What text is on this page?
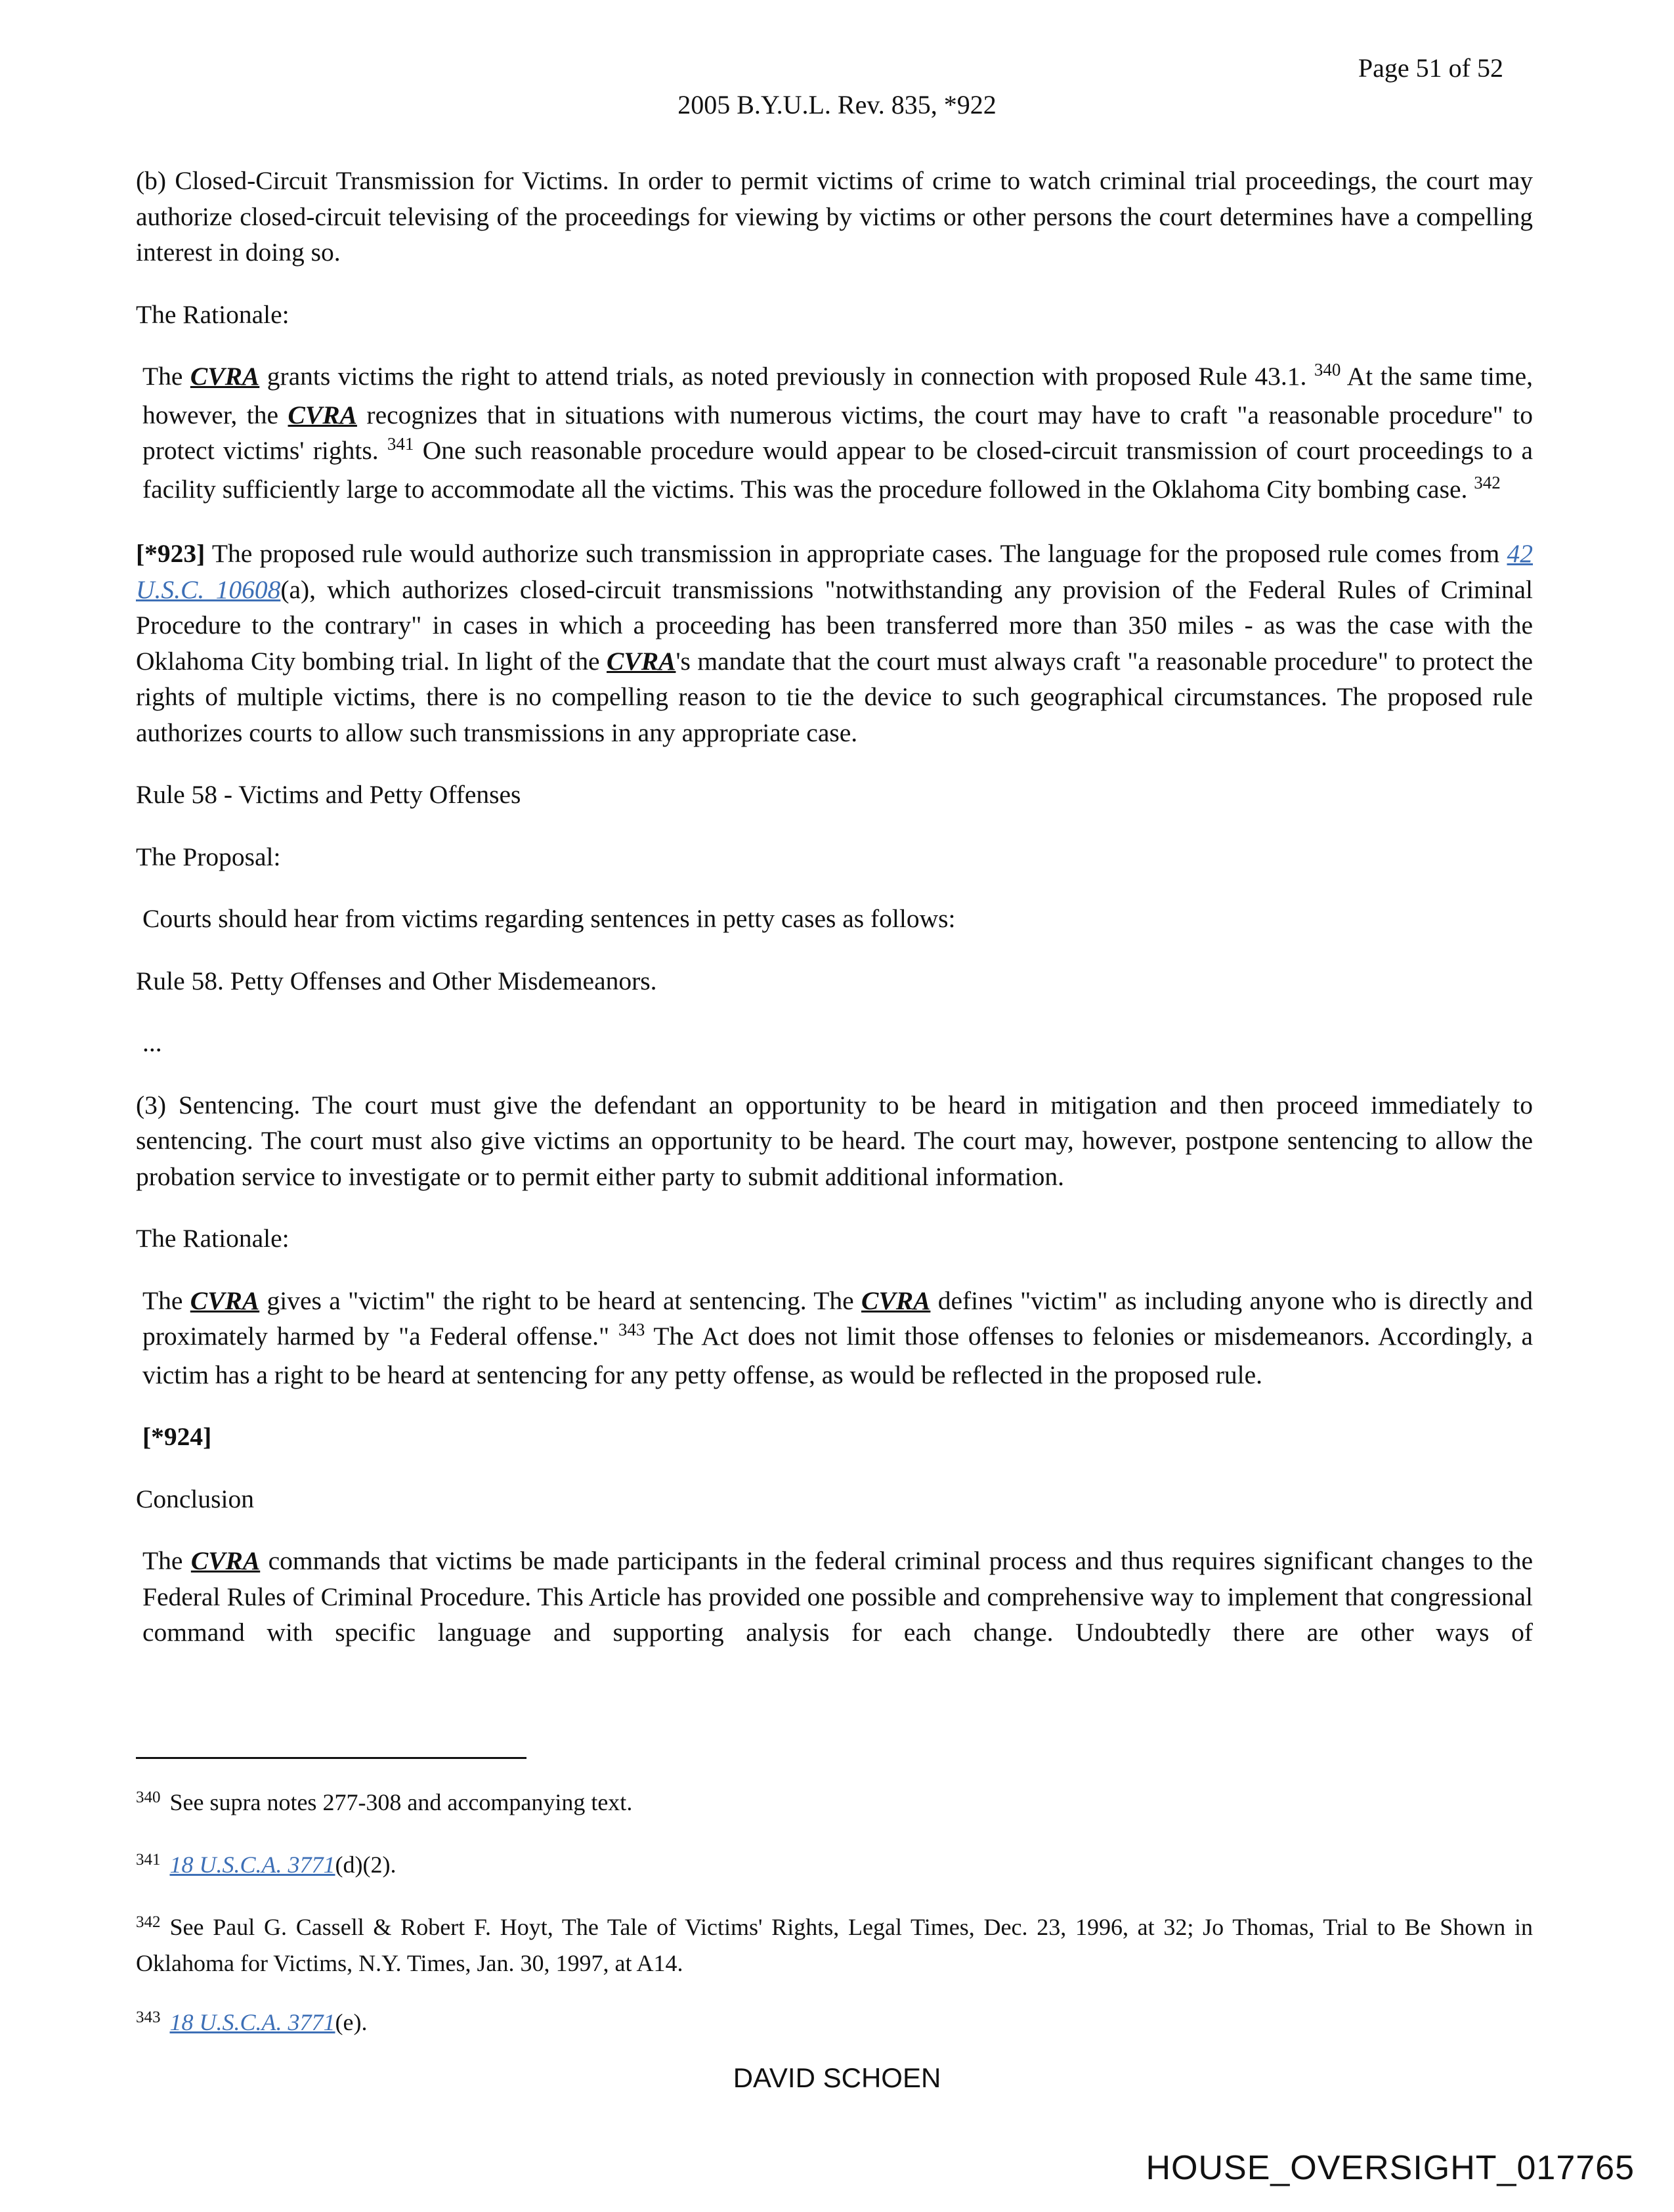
Page 51 of 52
2005 B.Y.U.L. Rev. 835, *922

(b) Closed-Circuit Transmission for Victims. In order to permit victims of crime to watch criminal trial proceedings, the court may authorize closed-circuit televising of the proceedings for viewing by victims or other persons the court determines have a compelling interest in doing so.

The Rationale:

The CVRA grants victims the right to attend trials, as noted previously in connection with proposed Rule 43.1. $^{340}$ At the same time, however, the CVRA recognizes that in situations with numerous victims, the court may have to craft "a reasonable procedure" to protect victims' rights. $^{341}$ One such reasonable procedure would appear to be closed-circuit transmission of court proceedings to a facility sufficiently large to accommodate all the victims. This was the procedure followed in the Oklahoma City bombing case. $^{342}$

[*923] The proposed rule would authorize such transmission in appropriate cases. The language for the proposed rule comes from 42 U.S.C. 10608(a), which authorizes closed-circuit transmissions "notwithstanding any provision of the Federal Rules of Criminal Procedure to the contrary" in cases in which a proceeding has been transferred more than 350 miles - as was the case with the Oklahoma City bombing trial. In light of the CVRA's mandate that the court must always craft "a reasonable procedure" to protect the rights of multiple victims, there is no compelling reason to tie the device to such geographical circumstances. The proposed rule authorizes courts to allow such transmissions in any appropriate case.

Rule 58 - Victims and Petty Offenses

The Proposal:

Courts should hear from victims regarding sentences in petty cases as follows:

Rule 58. Petty Offenses and Other Misdemeanors.

...

(3) Sentencing. The court must give the defendant an opportunity to be heard in mitigation and then proceed immediately to sentencing. The court must also give victims an opportunity to be heard. The court may, however, postpone sentencing to allow the probation service to investigate or to permit either party to submit additional information.

The Rationale:

The CVRA gives a "victim" the right to be heard at sentencing. The CVRA defines "victim" as including anyone who is directly and proximately harmed by "a Federal offense." $^{343}$ The Act does not limit those offenses to felonies or misdemeanors. Accordingly, a victim has a right to be heard at sentencing for any petty offense, as would be reflected in the proposed rule.

[*924]

Conclusion

The CVRA commands that victims be made participants in the federal criminal process and thus requires significant changes to the Federal Rules of Criminal Procedure. This Article has provided one possible and comprehensive way to implement that congressional command with specific language and supporting analysis for each change. Undoubtedly there are other ways of

$^{340}$ See supra notes 277-308 and accompanying text.

$^{341}$ 18 U.S.C.A. 3771(d)(2).

$^{342}$ See Paul G. Cassell & Robert F. Hoyt, The Tale of Victims' Rights, Legal Times, Dec. 23, 1996, at 32; Jo Thomas, Trial to Be Shown in Oklahoma for Victims, N.Y. Times, Jan. 30, 1997, at A14.

$^{343}$ 18 U.S.C.A. 3771(e).

DAVID SCHOEN
HOUSE_OVERSIGHT_017765
